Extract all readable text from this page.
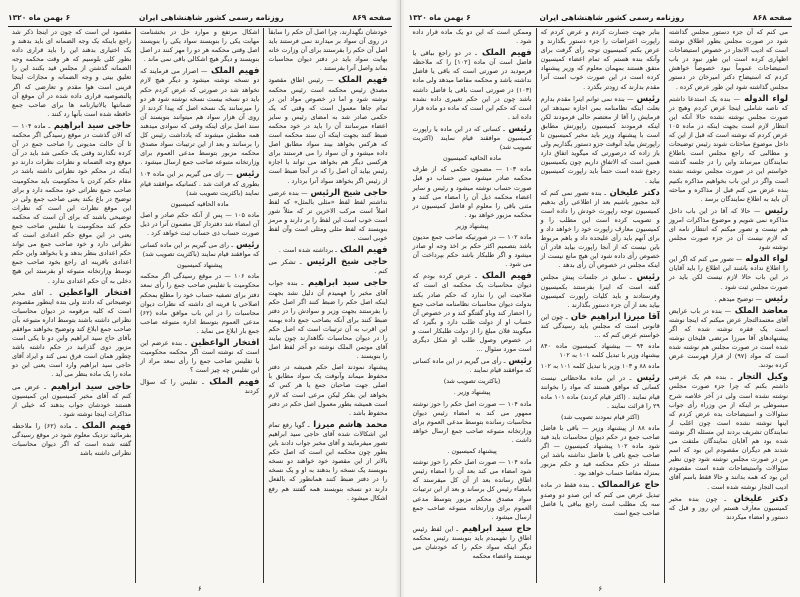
صفحه ۸۶۹
روزنامه رسمی کشور شاهنشاهی ایران
۶ بهمن ماه ۱۳۲۰

خودشان نگهدارند، چرا اصل آن حکم را سابقاً در روی آن سواد بر میدارند نمی فرستند باید اصل آن حکم را بفرستند برای آن وزارت خانه بهایت سواد باید در دفتر دیوان محاسبات بماند واصل آنرا بفرستند .

فهیم الملک — رئیس اطاق مقصود مصدق رئیس محکمه است رئیس محکمه نوشته شود و اما در خصوص مواد این در تمام جاها معمول است که وقتی که یک حکمی صادر شد به امضای رئیس و سایر اعضاء میرسانند آن را باید در خود محکمه ضبط کنند بجهت اینکه آن سند محکمه است که هرکس بخواهد بیند سواد مطابق اصل داده میشود و آن سواد را می فرستند برای هرکسی دیگر هم بخواهد می تواند با اجازه رئیس بیاید آن اصل را که در آنجا ضبط است از رئیس اگر بخواهد سواد آنرا بردارد .

حاجی شیخ الرئیس — بنده عرضی نداشتم لفظ لفظ «مثلی بالمثل» که لفظ اصلاً است مرکب الاخرین تر که مثلاً شور است خوب است این لفظ را بر دارند و مرمز بنویسند که لفظ مثلی ومثلی است وآن لفظ خوبی است .

فهیم الملک ـ برداشته شده است .

حاجی شیخ الرئیس ـ تشکر می کنم .

حاجی سید ابراهیم ـ بنده جواب آقای مخبر را فهمیدم آن دلیل نشد بجهت اینکه اصل حکم را ضبط کنند اگر اصل حکم را بفرستند بجهت وزیر و سوادش را در دفتر ضبط کنند برای آنکه بصاحب جمع داده بهمنه این اقرب به آن ترتیبات است که اصل حکم را در دیوان محاسبات نگاهدارند چون بیایند آقای موتمن الملک نوشته دو آخر لفظ اصل را بنویسند .

پیشنهاد نمودند اصل حکم همیشه در دفتر محفوظ میماند وآنوقت یک سواد مطابق با اصلی جهت صاحبان جمع یا هر کس که بخواهد این بفکر لیکن مرعی است که لازم است همیشه بطور معمول اصل حکم در دفتر محفوظ باشد .

محمد هاشم میرزا ـ گویا رفع تمام این اشکالات شده آقای حاجی سید ابراهیم تصور میفرمایند و آقای مخبر جواب دادند باین بطور چون محکمه این است که اصل حکم بالاتر از این مقصود خود خواهند دو نسخه بنویسند یک نسخه را بدهند به او و یک نسخه را در دفتر ضبط کنند همانطور که بالفعل دارند دو نسخه بنویسند همه گفتند هم رفع اشکال میشود .

اشکال مرتفع و موارد حل در بخشنامت مهابت یکی را بنویسند سواد یکی را بنویسند اصل وقتی محکمه هر دو را مهر کنند در اصل بنویسند و دیگر هیچ اشکالی باقی نمی ماند .

فهیم الملک — اصرار می فرمایند که دو نسخه نوشته میشود و دیگر هیچ لازم نخواهد شد در صورتی که عرض کردم حکم باید دو نسخه بیست نسخه نوشته شود هر دو را میرسانند یک نسخه اصل که پیدا کردند از روی آن هزار سواد هم میتوانند بنویسند آن سند اصل برای اینکه وقتی که سوادی میدهند همه مطمئن میشوند که یادداشت رئیس کل را برسانند و بعد از این ترتیبات سواد مصدق محکمه مزبور بتوسط مدعی العموم برای وزارتخانه متبوعه صاحب جمع ارسال میشود .

رئیس — رای می گیریم بر این ماده ۱۰۴ بطوری که قرائت شد . کسانیکه موافقند قیام نمایند (باکثریت تصویب شد)

ماده الحاقیه کمیسیون

ماده ۱۰۵ — پس از آنکه حکم صادر و اصل آن امضاء شد دفتردار کل مضمون آنرا در ذیل صورت حساب ذی حساب ثبت خواهد کرد .

رئیس ـ رای می گیریم بر این ماده کسانی که موافقند قیام نمایند (باکثریت تصویب شد)

پیشنهاد کمیسیون

ماده ۱۰۶ — در موقع رسیدگی اگر محکمه محکومیت با تفلیس صاحب جمع را رأی نمعد دفتر برای تصفیه حساب خود را مطلع بمحکم اصلاحی یا قرینه ای داشته که نظرات دیوان محاسبات را در این باب موافق ماده (۶۲) مدعی العموم بتوسط اداره متبوعه صاحب جمع بار ابلاغ می نماید .

افتخار الواعظین ـ بنده عرضم این است که نوشته است اگر محکمه محکومیت یا تفلیس صاحب جمع را رأی نمعد مراد از این تفلیس چه چیز است ؟

فهیم الملک ـ تفلیس را که سؤال کردند

مقصود این است که چون در اینجا ذکر شد راجع باینکه یک وجه الضمانه ای باید بدهند و یک اختیاری بدهند این را باید قراری داده بطور کلی بلوسیم که هر وقت محکمه وجه الضمانه گذشتن از مجلس قید بکنند این را تعلیق بیتی و وجه الضمانه و مجازات اینجا قرینی است هوا مقدم و تعارضی که اگر پالنصوصیه قراری داده شده در آن موقع آن ضمانتها یالاتیارنامه ها برای صاحب جمع حافظه شده است بآنها رد کنند .

حاجی سید ابراهیم ـ ماده ۱۰۴ — که الان گذشت در موقع رسیدگی اگر محکمه تا آن حالت مدیونی را صاحب جمع در آن کرده نگذارند وقتی یک حکمی شد باید در آن موقع وجه الضمانه و نظرات نظرات دارند دو اینکه در محکم خود نظراتی داشته باشد در مقام حکم کردن با محکومیت باید محکومیت صاحب جمع نظراتی خود محکمه دارد و برای توضیح در باغ بکند یعنی صاحب جمع ولی در این موقع نظرات این است که نظرات توضیحی باشند که برای آن است که محکمه حکم کند محکومیت یا تفلیس صاحب جمع یعنی در این موقع حکم اعدادی است که نظراتی دارد و خود صاحب جمع می تواند حکم اعدادی بنظر بدهد و یا بخواهد واین حکم اعدادی باقرینه ای راجع بخود صاحب جمع توسط وزارتخانه متبوعه او بفرستد این هیچ دخلی به آن حکم اعدادی ندارد .

افتخار الواعظین ـ آقای مخبر توضیحاتی که دادند ولی بنده اینطور مقصودم است که کلیه مرقومه در دیوان محاسبات نظراتی داشته باشند بتوسط اداره متبوعه بآن صاحب جمع ابلاغ کند وتوضیح بخواهند موافقم بآقای حاج سید ابراهیم واین دو تا یکی است مزبور دوی گذرانید در حکم داشته باشد چطور همان است فرق نمی کند و ایراد آقای حاجی سید ابراهیم وارد است یعنی این دو ماده را یک ماده بنظر می آید .

حاجی سید ابراهیم ـ عرض می کنم که آقای مخبر کمیسیون این کمیسیون هستند خودشان جواب بدهند که خیلی از مذاکرات اینجا نوشته شود .

فهیم الملک ـ ماده (۶۲) را ملاحظه بفرمائید نزدیک معلوم شود در موقع رسیدگی گفته شده است که اگر دیوان محاسبات نظراتی داشته باشد

۶
صفحه ۸۶۸
روزنامه رسمی کشور شاهنشاهی ایران
۶ بهمن ماه ۱۳۲۰

می کنم که آن جزء دستور مجلس گذاشته شود در صورت مجلس بطور اطلاق نوشته است که ادیب الاتجار در خصوص استیضاحات اظهاری کرده است این طور نبود در باب استیضاحات عموماً نبود خصوصاً خواهش کردم که استیضاح دکتر امیرخان در دستور مجلس گذاشته شود این طور عرض کرده .

لواء الدوله — بنده یک استدعا داشتم که ناصه شاملی اینجا عرض کردم وهیچ در صورت مجلس نوشته نشده حالا آنکه این انتظار لازم است بجهت اینکه در ماده ۱۰۵ عرض کردم که نوشته است که قبل از این که داخل موضوع مباحثات شوند رئیس توضیحات و مطالبی که راجع مجلس است باطلاع نمایندگان میرساند واین را در جلسه گذشته خواستم این در صورت مجلس نوشته نشده است واگر در این باب بخواهیم مذاکره بکنیم بنده عرض می کنم قبل از مذاکره و مباحثه آن باید به اطلاع نمایندگان برسد .

رئیس — حالا که آقا در این باب داخل مذاکره نمی شویم و موضوع مذاکرات امروز هم نیست و تصور میکنم که انتظار نامه ای که لازم نیست آن در جزء صورت مجلس نوشته شود

لواء الدوله — تصور می کنم که اگر این را اطلاع نداده باشند این اطلاع را باید آقایان در این باب حالا لازم نیست لکن باید در صورت مجلس ثبت شود .

رئیس — توضیح میدهم .

معاضد الملک — بنده در باب عرایض آقای معتمدالتجار عرض میکنم که اینجا نوشته است یک فقره نوشته شده که اگر پیشنهادهای آقا میرزا مرتضی قلیخان نوشته شده است در صورت مجلس هم نوشته شده است که مواد (۹۷) از قرار فهرست عرض کرده بودند.

وکیل التجار ـ بنده هم یک عرضی داشتم بکنم که چرا جزء صورت مجلس نوشته نشده است ولی در آخر خلاصه شرح مبسوطی بر اینکه از من وزراء رأی جواب سئوالات و استیضاحات بده عرض کردم که اینها نوشته نشده است چون اغلب از نمایندگان تشریف بردند این مسئله اگر نوشته شده بود هم آقایان نمایندگان ملتفت می شدند هم دیگران مقصودم این بود که اسم من در صورت مجلس نوشته شود چون نظیر سئوالات واستیضاحات شده است مقصودم این بود که همه بدانند و حالا فقط باسم آقای ادیب التجار نوشته شده است .

دکتر علیخان ـ چون بنده مخبر کمیسیون معارف هستم این روز و قبل که دستور و امضاء میکردند

بنابر جهت جسارت کردم و عرض کردم که راپورت اعتراضات را جزء دستور بگذارند و عرض بکنم کمیسیون توجه رأی گرفت برای وآنکه بنده هستم که تمام اعضاء کمیسیون متفق هستند بمهمان معلوم که وزیر پیشنهاد کرده است در این صورت خوب است آنرا مقدم بدارند که زودتر بگذرد .

رئیس — بنده نمی توانم اینرا مقدم بدارم بعلت اینکه نظامنامه بمن اجازه نمیدهد این فرمایش را آقا از معتصم حالی فرمودند لکن اینکه فرمودند کمیسیون راپورتش مطابق است با پیشنهاد وزیر باید مخبر کمیسیون تا راپورتش بیاید آنوقت جزو دستور بگذاریم ولی باز زاده که درصورتی که میگوید اتفاق دارد همین است که الاتفاق داریم چون یکمیسیون رجوع شده است حتماً باید راپورت کمیسیون بیاید .

دکتر علیخان ـ بنده تصور نمی کنم که لابد مجبور باشیم بعد از اطلاعی رأی بدهیم کمیسیون توجه راپورت خودش را داده است و تصویب کرده است این مطلب را و کمیسیون معارف راپورت خود را خواهد داد و برای آنهم باید رأی علیحده داد و باهم مربوط باین نیست که از آنجا راپورت بیاید قادر آن خصوص رأی داده شود این هیچ مانع نیست از اینکه مجلس در خصوص آن رأی بدهد .

رئیس ـ سابق در جلسات پیش مجلس گفته است که اینرا بفرستند بکمیسیون وفرستادند و باید کلیات راپورت کمیسیون بیاید بعد از آن جزء دستور بگذارند .

آقا میرزا ابراهیم خان ـ چون این قانونی است که مجلس باید رسیدگی کند خواستم عرض کنم که ...

ماده ۹۴ — بیشنهاد کمیسیون ماده ۸۴۰ بیشنهاد وزیر با تبدیل کلمه ۱۰۱ به ۱۰۲

ماده ۸۸ و ۱۰۳ وزیر با تبدیل کلمه ۱۰۱ به ۱۰۲

رئیس ـ در این ماده ملاحظاتی نیست کسانی که موافق هستند که مواد را بخوانند قیام نمایند . (اکثر قیام کردند) ماده ۱۰۱ ماده ۲۹ را قرائت نمایند .

(اکثر قیام نمودند تصویب شد)

ماده ۸۸ از پیشنهاد وزیر — باقی با فاضل صاحب جمع در حکم دیوان محاسبات باید قید شود ماده ۱۰۲ پیشنهاد کمیسیون — اگر صاحب جمع باقی یا فاضل نداشته باشد این مسئله در حکم محکمه قید و حکم مزبور بمنزله مفاصا حساب خواهد بود .

حاج عزالممالک ـ بنده فقط در ماده تبدیل عرض می کنم که این صدو دو وصدو سه یک مطلب است راجع بباقی یا فاضل صاحب جمع است

وممکن است که این دو یک ماده قرار داده شود .

فهیم الملک ـ در دو راجع بباقی یا فاضل است آن ماده [۱۰۲] را که ملاحظه فرمودید در صورتی است که باقی یا فاضل نداشته باشد و محکمه مفاصا میدهد ولی ماده (۱۰۳) در صورتی است باقی یا فاضل داشته باشد چون در این حکم تغییری داده نشده است که حکم این است که ماده دو ماده قرار داده اند .

رئیس ـ کسانی که در این ماده یا راپورت کمیسیون موافقند قیام نمایند (اکثریت تصویب شد)

ماده الحاقیه کمیسیون

ماده ۱۰۳ — مضمون حکمی که از طرف محکمه صادر میشود مبین حساب دو قبل صورت حساب نوشته میشود و رئیس و سایر اعضاء محکمه ذیل آن را امضاء می کنند و مثنی باقی را معلوم او فاضل کمیسیون در محکمه مزبور خواهد بود .

پیشنهاد وزیر

ماده ۱۰۲ — در صورتیکه صاحب جمع مدیون باشد بتصمیم اکثر حکم بر اخذ وجه او صادر میشود و اگر طلبکار باشد حکم بپرداخت آن می شود .

فهیم الملک ـ عرض کرده بودم که دیوان محاسبات یک محکمه ای است که صلاحیت این را ندارد که حکم صادر بکند بدولت دیوان محاسبات نظامنامه صاحب جمع را احضار کند وباو گفتگو کند و در خصوص آن حساب او از دولت طلب دارد و بگیرد که میگویند فلان مبلغ را از دولت طلبکار است و در خصوص وصول طلب او شکل دیگری است مورد سئوال ...

رئیس ـ رأی می گیریم در این ماده کسانی که موافقند قیام نمایند .

(باکثریت تصویب شد)

پیشنهاد وزیر .

ماده ۱۰۴ — صورت اصل حکم را حوز نوشته ممهور می کند به امضاء رئیس دیوان محاسبات رسانده بتوسط مدعی العموم برای وزارتخانه متبوعه صاحب جمع ارسال خواهد داشت .

پیشنهاد کمیسیون .

ماده ۱۰۴ — صورت اصل حکم را حوز نوشته شود امضاء می کند بعد آن را امضاء رئیس اطاق رسانده بعد از آن کل میفرستد که بامضاء رئیس کل برساند و بعد از این ترتیبات سواد مصدق محکم مزبور بتوسط مدعی العموم برای وزارتخانه متبوعه صاحب جمع ارسال میشود .

حاج سید ابراهیم ـ این لفظ رئیس اطاق را نفهمیدم باید بنویسند رئیس محکمه دیگر اینکه سواد حکم را که خودشان می نویسند واعضاء محکمه

۶
